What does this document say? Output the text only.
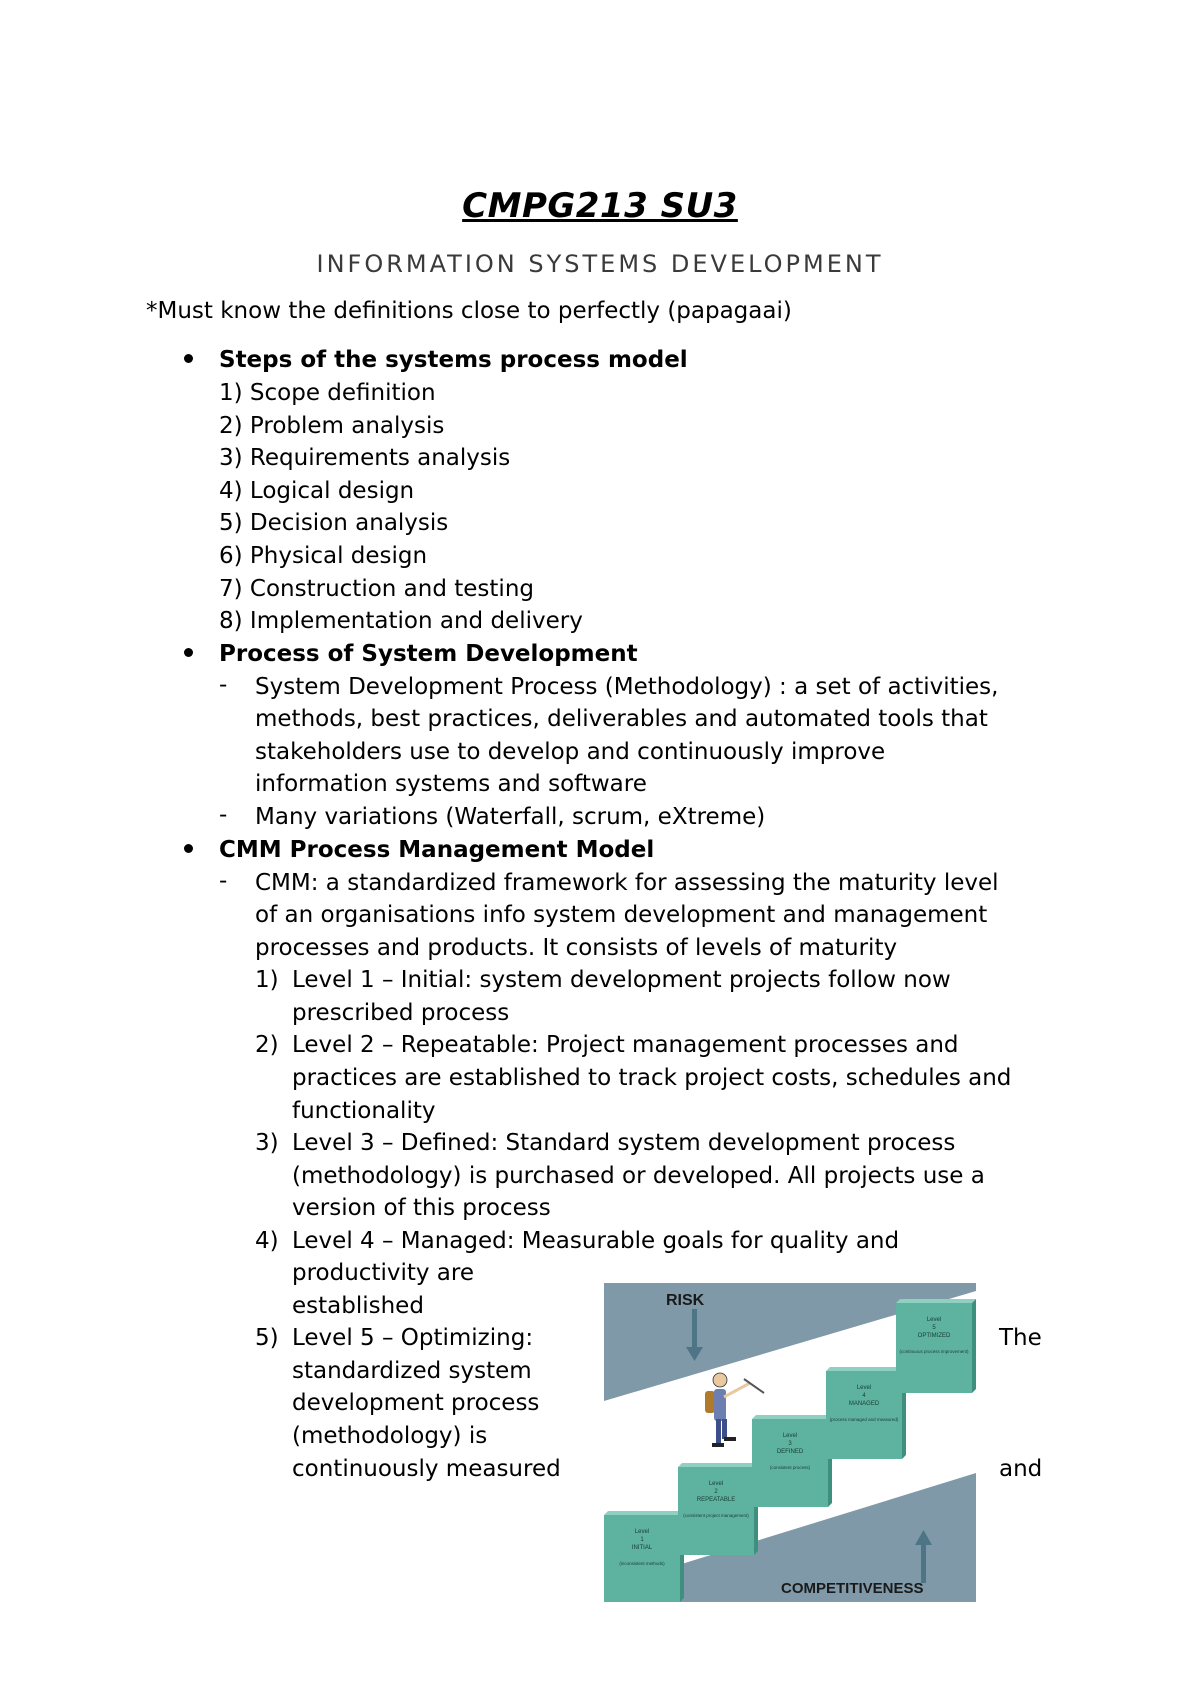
CMPG213 SU3
INFORMATION SYSTEMS DEVELOPMENT
*Must know the definitions close to perfectly (papagaai)
Steps of the systems process model
1) Scope definition
2) Problem analysis
3) Requirements analysis
4) Logical design
5) Decision analysis
6) Physical design
7) Construction and testing
8) Implementation and delivery
Process of System Development
- System Development Process (Methodology) : a set of activities,
methods, best practices, deliverables and automated tools that
stakeholders use to develop and continuously improve
information systems and software
- Many variations (Waterfall, scrum, eXtreme)
CMM Process Management Model
- CMM: a standardized framework for assessing the maturity level
of an organisations info system development and management
processes and products. It consists of levels of maturity
1) Level 1 – Initial: system development projects follow now
prescribed process
2) Level 2 – Repeatable: Project management processes and
practices are established to track project costs, schedules and
functionality
3) Level 3 – Defined: Standard system development process
(methodology) is purchased or developed. All projects use a
version of this process
4) Level 4 – Managed: Measurable goals for quality and
productivity are
established
5) Level 5 – Optimizing:
standardized system
development process
(methodology) is
continuously measured
The
and
RISK
COMPETITIVENESS
Level
1
INITIAL
(inconsistent methods)
Level
2
REPEATABLE
(consistent project management)
Level
3
DEFINED
(consistent process)
Level
4
MANAGED
(process managed and measured)
Level
5
OPTIMIZED
(continuous process improvement)
